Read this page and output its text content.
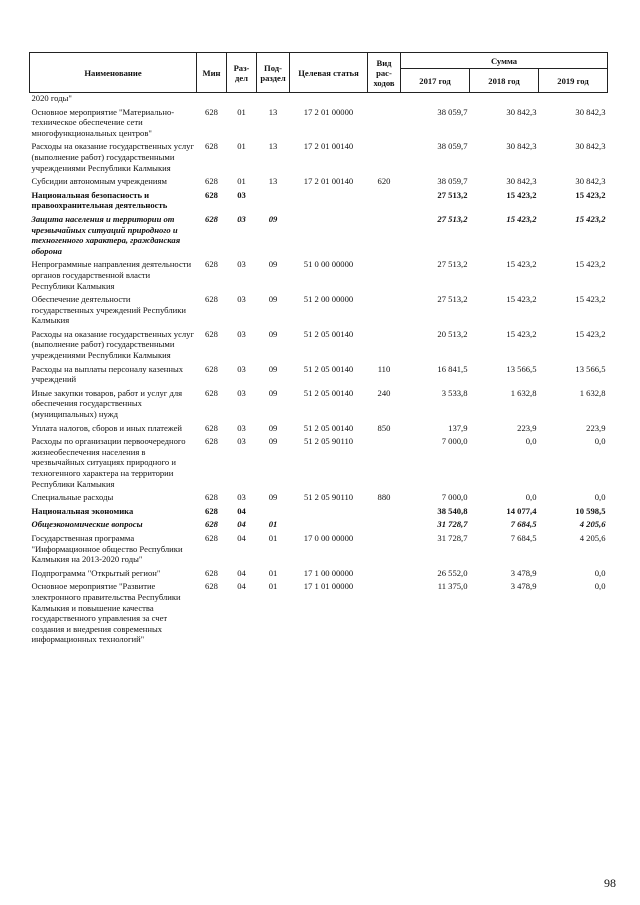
Наименование	Мин	Раз-дел	Под-раздел	Целевая статья	Вид рас-ходов	Сумма		
						2017 год	2018 год	2019 год
2020 годы"								
Основное мероприятие "Материально-техническое обеспечение сети многофункциональных центров"	628	01	13	17 2 01 00000		38 059,7	30 842,3	30 842,3
Расходы на оказание государственных услуг (выполнение работ) государственными учреждениями Республики Калмыкия	628	01	13	17 2 01 00140		38 059,7	30 842,3	30 842,3
Субсидии автономным учреждениям	628	01	13	17 2 01 00140	620	38 059,7	30 842,3	30 842,3
Национальная безопасность и правоохранительная деятельность	628	03				27 513,2	15 423,2	15 423,2
Защита населения и территории от чрезвычайных ситуаций природного и техногенного характера, гражданская оборона	628	03	09			27 513,2	15 423,2	15 423,2
Непрограммные направления деятельности органов государственной власти Республики Калмыкия	628	03	09	51 0 00 00000		27 513,2	15 423,2	15 423,2
Обеспечение деятельности государственных учреждений Республики Калмыкия	628	03	09	51 2 00 00000		27 513,2	15 423,2	15 423,2
Расходы на оказание государственных услуг (выполнение работ) государственными учреждениями Республики Калмыкия	628	03	09	51 2 05 00140		20 513,2	15 423,2	15 423,2
Расходы на выплаты персоналу казенных учреждений	628	03	09	51 2 05 00140	110	16 841,5	13 566,5	13 566,5
Иные закупки товаров, работ и услуг для обеспечения государственных (муниципальных) нужд	628	03	09	51 2 05 00140	240	3 533,8	1 632,8	1 632,8
Уплата налогов, сборов и иных платежей	628	03	09	51 2 05 00140	850	137,9	223,9	223,9
Расходы по организации первоочередного жизнеобеспечения населения в чрезвычайных ситуациях природного и техногенного характера на территории Республики Калмыкия	628	03	09	51 2 05 90110		7 000,0	0,0	0,0
Специальные расходы	628	03	09	51 2 05 90110	880	7 000,0	0,0	0,0
Национальная экономика	628	04				38 540,8	14 077,4	10 598,5
Общеэкономические вопросы	628	04	01			31 728,7	7 684,5	4 205,6
Государственная программа "Информационное общество Республики Калмыкия на 2013-2020 годы"	628	04	01	17 0 00 00000		31 728,7	7 684,5	4 205,6
Подпрограмма "Открытый регион"	628	04	01	17 1 00 00000		26 552,0	3 478,9	0,0
Основное мероприятие "Развитие электронного правительства Республики Калмыкия и повышение качества государственного управления за счет создания и внедрения современных информационных технологий"	628	04	01	17 1 01 00000		11 375,0	3 478,9	0,0
98
